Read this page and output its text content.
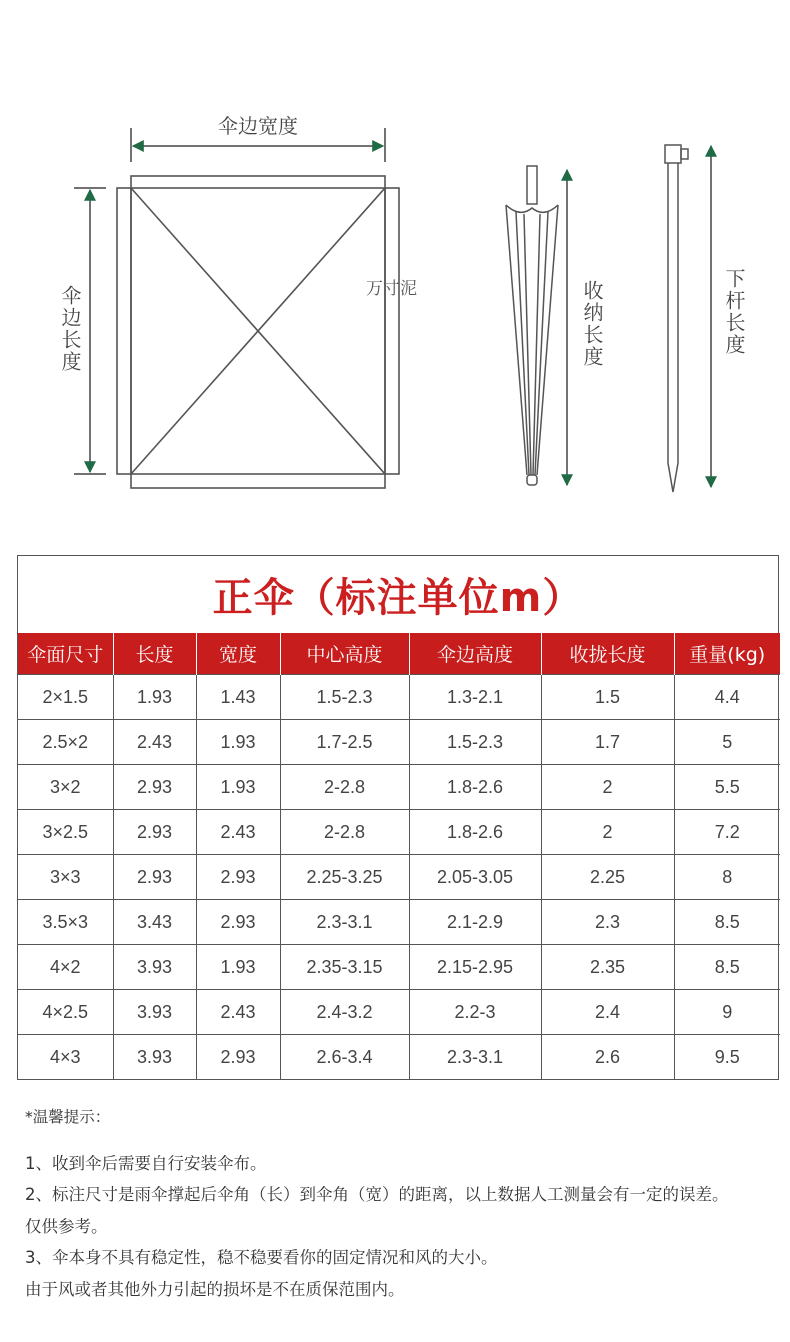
伞边宽度
伞边长度	收纳长度	下杆长度
万寸泥
正伞（标注单位m）
伞面尺寸	长度	宽度	中心高度	伞边高度	收拢长度	重量(kg)
2×1.5	1.93	1.43	1.5-2.3	1.3-2.1	1.5	4.4
2.5×2	2.43	1.93	1.7-2.5	1.5-2.3	1.7	5
3×2	2.93	1.93	2-2.8	1.8-2.6	2	5.5
3×2.5	2.93	2.43	2-2.8	1.8-2.6	2	7.2
3×3	2.93	2.93	2.25-3.25	2.05-3.05	2.25	8
3.5×3	3.43	2.93	2.3-3.1	2.1-2.9	2.3	8.5
4×2	3.93	1.93	2.35-3.15	2.15-2.95	2.35	8.5
4×2.5	3.93	2.43	2.4-3.2	2.2-3	2.4	9
4×3	3.93	2.93	2.6-3.4	2.3-3.1	2.6	9.5

*温馨提示：

1、收到伞后需要自行安装伞布。

2、标注尺寸是雨伞撑起后伞角（长）到伞角（宽）的距离，以上数据人工测量会有一定的误差。

仅供参考。

3、伞本身不具有稳定性，稳不稳要看你的固定情况和风的大小。

由于风或者其他外力引起的损坏是不在质保范围内。
